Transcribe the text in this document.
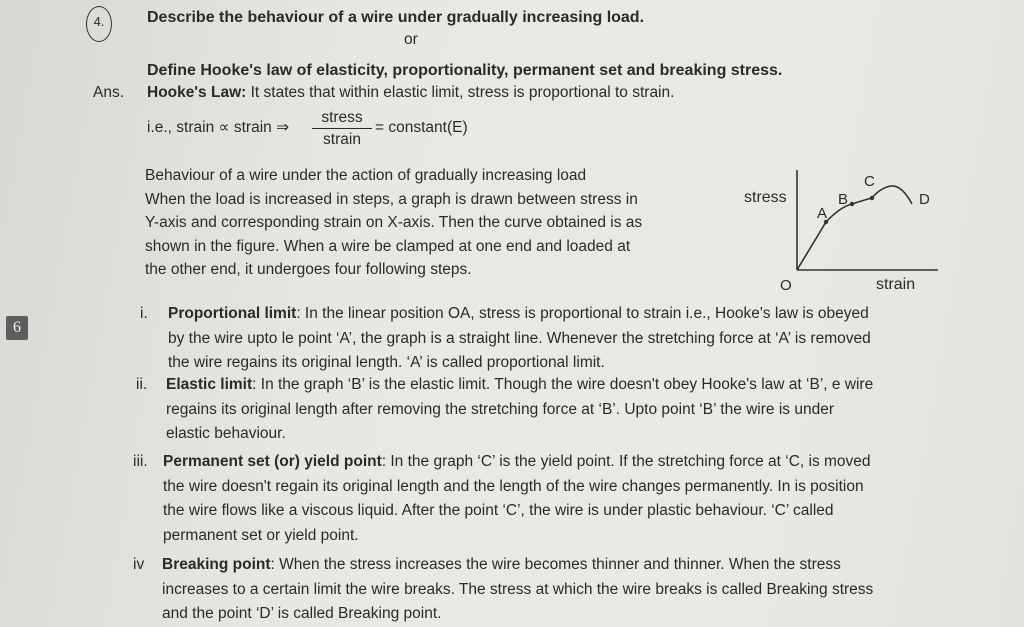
6
4.	Describe the behaviour of a wire under gradually increasing load.
or
Define Hooke's law of elasticity, proportionality, permanent set and breaking stress.
Ans. Hooke's Law: It states that within elastic limit, stress is proportional to strain.
i.e., strain ∝ strain ⇒
stress
strain
= constant(E)
Behaviour of a wire under the action of gradually increasing load
When the load is increased in steps, a graph is drawn between stress in
Y-axis and corresponding strain on X-axis. Then the curve obtained is as
shown in the figure. When a wire be clamped at one end and loaded at
the other end, it undergoes four following steps.
stress
strain
O
A
B
C
D
i. Proportional limit: In the linear position OA, stress is proportional to strain i.e., Hooke's law is obeyed
by the wire upto le point ‘A’, the graph is a straight line. Whenever the stretching force at ‘A’ is removed
the wire regains its original length. ‘A’ is called proportional limit.
ii. Elastic limit: In the graph ‘B’ is the elastic limit. Though the wire doesn't obey Hooke's law at ‘B’, e wire
regains its original length after removing the stretching force at ‘B’. Upto point ‘B’ the wire is under
elastic behaviour.
iii. Permanent set (or) yield point: In the graph ‘C’ is the yield point. If the stretching force at ‘C, is moved
the wire doesn't regain its original length and the length of the wire changes permanently. In is position
the wire flows like a viscous liquid. After the point ‘C’, the wire is under plastic behaviour. ‘C’ called
permanent set or yield point.
iv Breaking point: When the stress increases the wire becomes thinner and thinner. When the stress
increases to a certain limit the wire breaks. The stress at which the wire breaks is called Breaking stress
and the point ‘D’ is called Breaking point.
